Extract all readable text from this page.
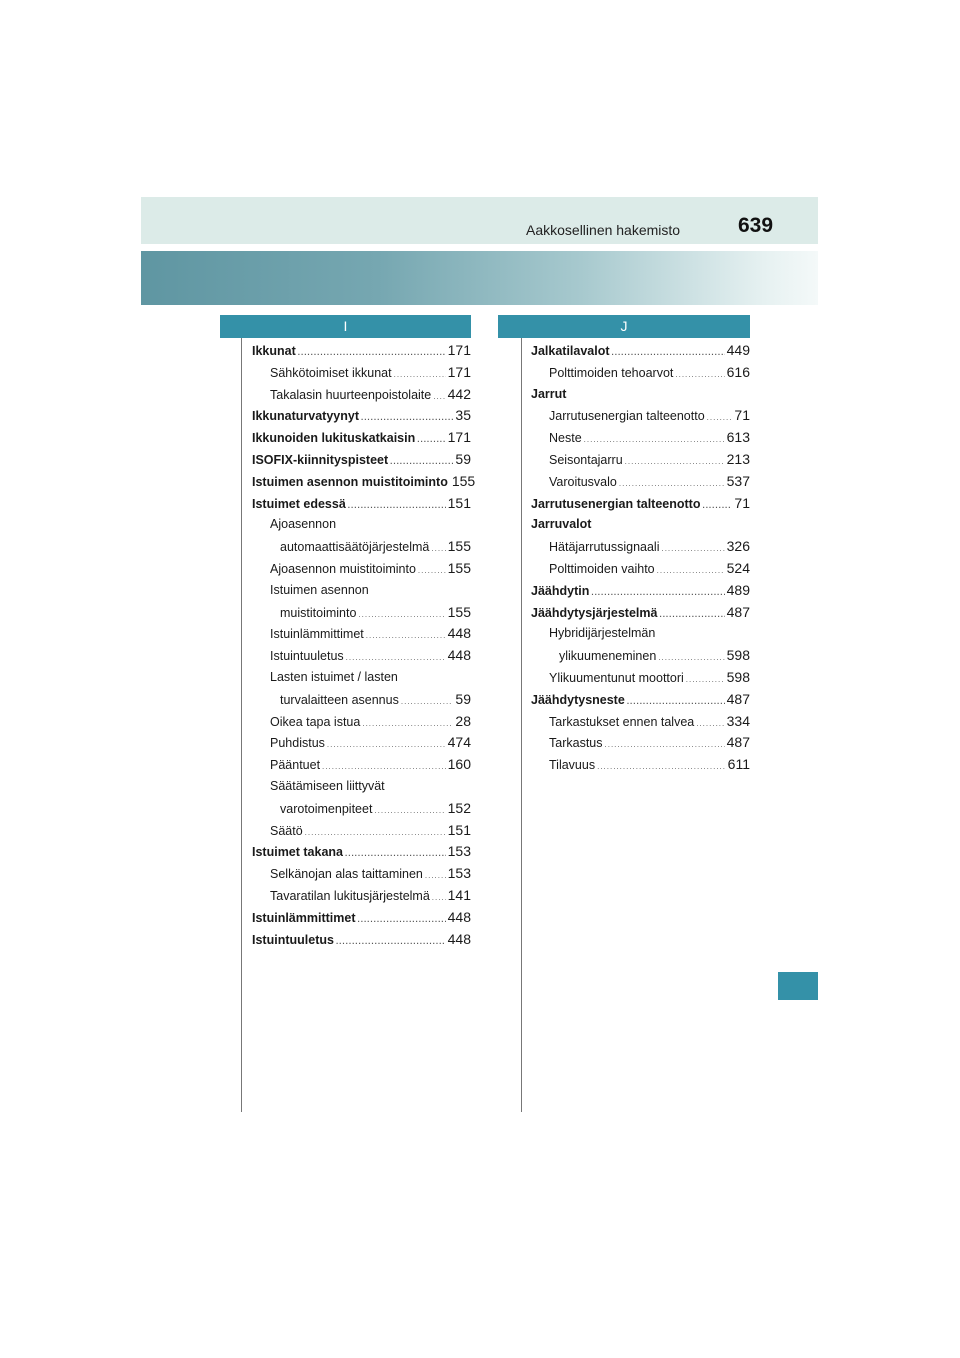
Aakkosellinen hakemisto	639
I	J
Ikkunat .....	171
Sähkötoimiset ikkunat .....	171
Takalasin huurteenpoistolaite ..... 442
Ikkunaturvatyynyt .....	35
Ikkunoiden lukituskatkaisin ..... 171
ISOFIX-kiinnityspisteet .....	59
Istuimen asennon muistitoiminto 155
Istuimet edessä .....	151
Ajoasennon
automaattisäätöjärjestelmä ..... 155
Ajoasennon muistitoiminto ..... 155
Istuimen asennon
muistitoiminto .....	155
Istuinlämmittimet .....	448
Istuintuuletus .....	448
Lasten istuimet / lasten
turvalaitteen asennus .....	59
Oikea tapa istua .....	28
Puhdistus .....	474
Pääntuet .....	160
Säätämiseen liittyvät
varotoimenpiteet .....	152
Säätö .....	151
Istuimet takana .....	153
Selkänojan alas taittaminen ..... 153
Tavaratilan lukitusjärjestelmä ..... 141
Istuinlämmittimet .....	448
Istuintuuletus .....	448
Jalkatilavalot .....	449
Polttimoiden tehoarvot .....	616
Jarrut
Jarrutusenergian talteenotto ..... 71
Neste .....	613
Seisontajarru .....	213
Varoitusvalo .....	537
Jarrutusenergian talteenotto ..... 71
Jarruvalot
Hätäjarrutussignaali .....	326
Polttimoiden vaihto .....	524
Jäähdytin .....	489
Jäähdytysjärjestelmä .....	487
Hybridijärjestelmän
ylikuumeneminen .....	598
Ylikuumentunut moottori .....	598
Jäähdytysneste .....	487
Tarkastukset ennen talvea ..... 334
Tarkastus .....	487
Tilavuus .....	611
